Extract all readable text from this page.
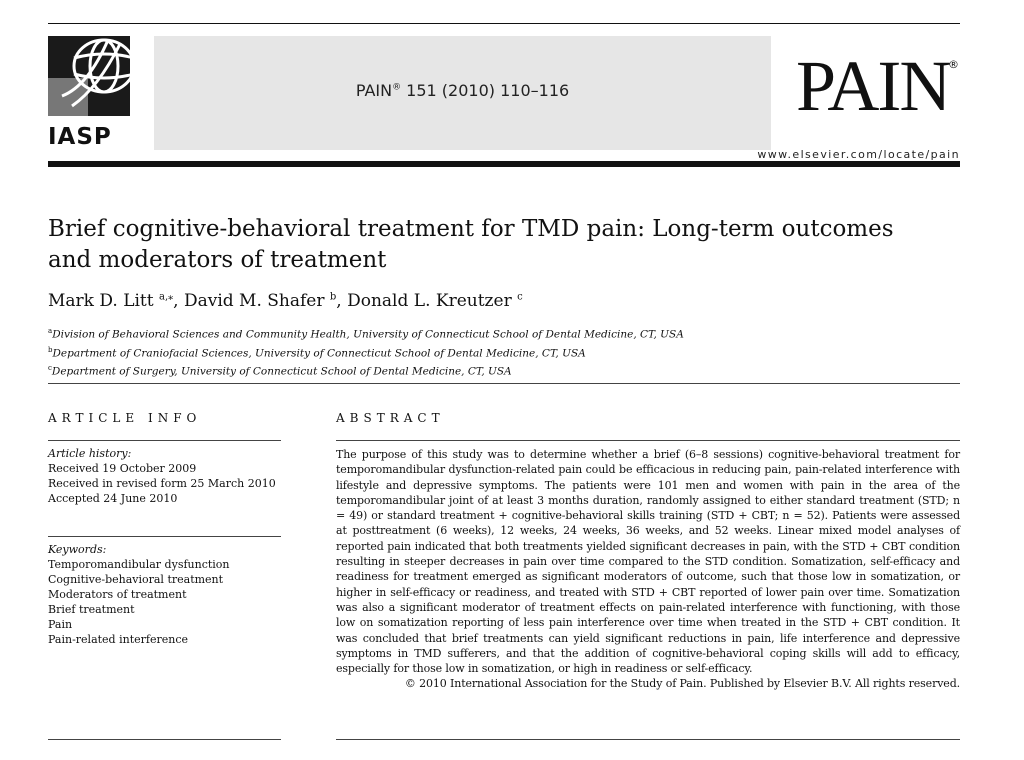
IASP
PAIN® 151 (2010) 110–116	PAIN
®
www.elsevier.com/locate/pain
Brief cognitive-behavioral treatment for TMD pain: Long-term outcomes and moderators of treatment
Mark D. Litt $^{a,⁎}$, David M. Shafer $^b$, Donald L. Kreutzer $^c$
$^a$Division of Behavioral Sciences and Community Health, University of Connecticut School of Dental Medicine, CT, USA
$^b$Department of Craniofacial Sciences, University of Connecticut School of Dental Medicine, CT, USA
$^c$Department of Surgery, University of Connecticut School of Dental Medicine, CT, USA
ARTICLE INFO	ABSTRACT
Article history:
Received 19 October 2009
Received in revised form 25 March 2010
Accepted 24 June 2010
Keywords:
Temporomandibular dysfunction
Cognitive-behavioral treatment
Moderators of treatment
Brief treatment
Pain
Pain-related interference

The purpose of this study was to determine whether a brief (6–8 sessions) cognitive-behavioral treatment for temporomandibular dysfunction-related pain could be efficacious in reducing pain, pain-related interference with lifestyle and depressive symptoms. The patients were 101 men and women with pain in the area of the temporomandibular joint of at least 3 months duration, randomly assigned to either standard treatment (STD; n = 49) or standard treatment + cognitive-behavioral skills training (STD + CBT; n = 52). Patients were assessed at posttreatment (6 weeks), 12 weeks, 24 weeks, 36 weeks, and 52 weeks. Linear mixed model analyses of reported pain indicated that both treatments yielded significant decreases in pain, with the STD + CBT condition resulting in steeper decreases in pain over time compared to the STD condition. Somatization, self-efficacy and readiness for treatment emerged as significant moderators of outcome, such that those low in somatization, or higher in self-efficacy or readiness, and treated with STD + CBT reported of lower pain over time. Somatization was also a significant moderator of treatment effects on pain-related interference with functioning, with those low on somatization reporting of less pain interference over time when treated in the STD + CBT condition. It was concluded that brief treatments can yield significant reductions in pain, life interference and depressive symptoms in TMD sufferers, and that the addition of cognitive-behavioral coping skills will add to efficacy, especially for those low in somatization, or high in readiness or self-efficacy.

© 2010 International Association for the Study of Pain. Published by Elsevier B.V. All rights reserved.
